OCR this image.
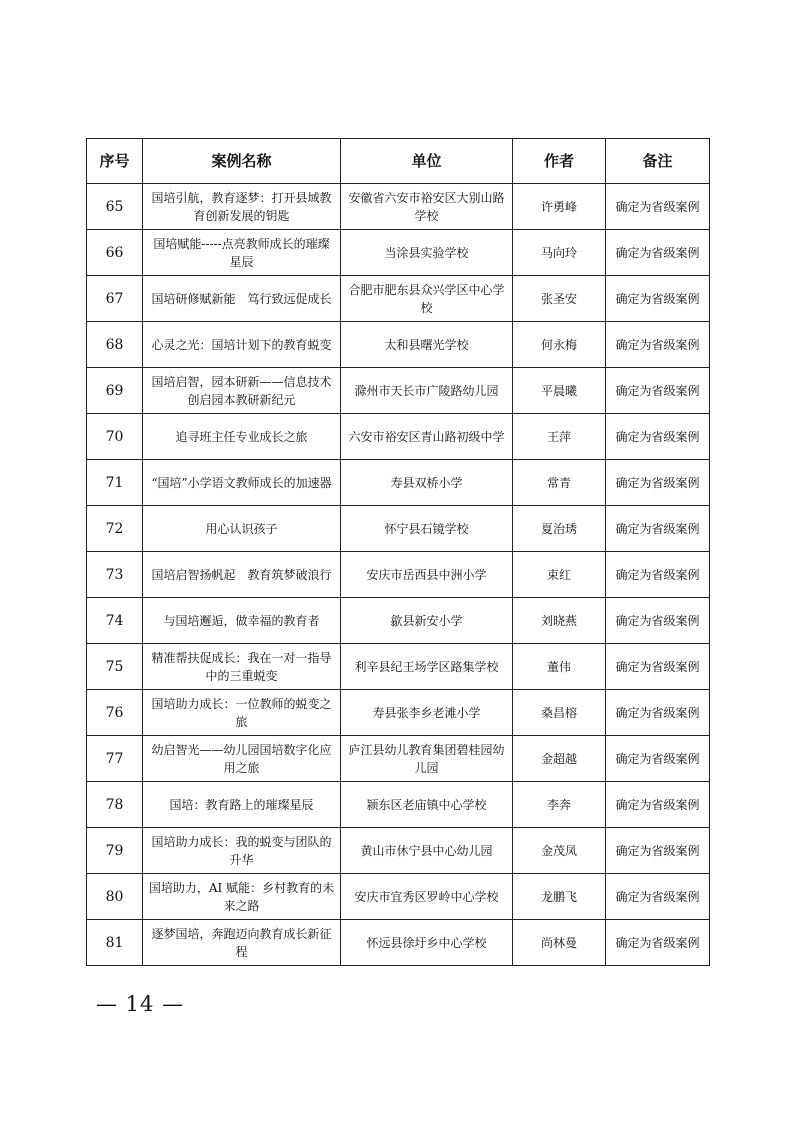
序号	案例名称	单位	作者	备注
65	国培引航，教育逐梦：打开县域教育创新发展的钥匙	安徽省六安市裕安区大别山路学校	许勇峰	确定为省级案例
66	国培赋能-----点亮教师成长的璀璨星辰	当涂县实验学校	马向玲	确定为省级案例
67	国培研修赋新能　笃行致远促成长	合肥市肥东县众兴学区中心学校	张圣安	确定为省级案例
68	心灵之光：国培计划下的教育蜕变	太和县曙光学校	何永梅	确定为省级案例
69	国培启智，园本研新——信息技术创启园本教研新纪元	滁州市天长市广陵路幼儿园	平晨曦	确定为省级案例
70	追寻班主任专业成长之旅	六安市裕安区青山路初级中学	王萍	确定为省级案例
71	“国培”小学语文教师成长的加速器	寿县双桥小学	常青	确定为省级案例
72	用心认识孩子	怀宁县石镜学校	夏治琇	确定为省级案例
73	国培启智扬帆起　教育筑梦破浪行	安庆市岳西县中洲小学	束红	确定为省级案例
74	与国培邂逅，做幸福的教育者	歙县新安小学	刘晓燕	确定为省级案例
75	精准帮扶促成长：我在一对一指导中的三重蜕变	利辛县纪王场学区路集学校	董伟	确定为省级案例
76	国培助力成长：一位教师的蜕变之旅	寿县张李乡老滩小学	桑昌榕	确定为省级案例
77	幼启智光——幼儿园国培数字化应用之旅	庐江县幼儿教育集团碧桂园幼儿园	金超越	确定为省级案例
78	国培：教育路上的璀璨星辰	颍东区老庙镇中心学校	李奔	确定为省级案例
79	国培助力成长：我的蜕变与团队的升华	黄山市休宁县中心幼儿园	金茂凤	确定为省级案例
80	国培助力，AI 赋能：乡村教育的未来之路	安庆市宜秀区罗岭中心学校	龙鹏飞	确定为省级案例
81	逐梦国培，奔跑迈向教育成长新征程	怀远县徐圩乡中心学校	尚林曼	确定为省级案例
— 14 —
